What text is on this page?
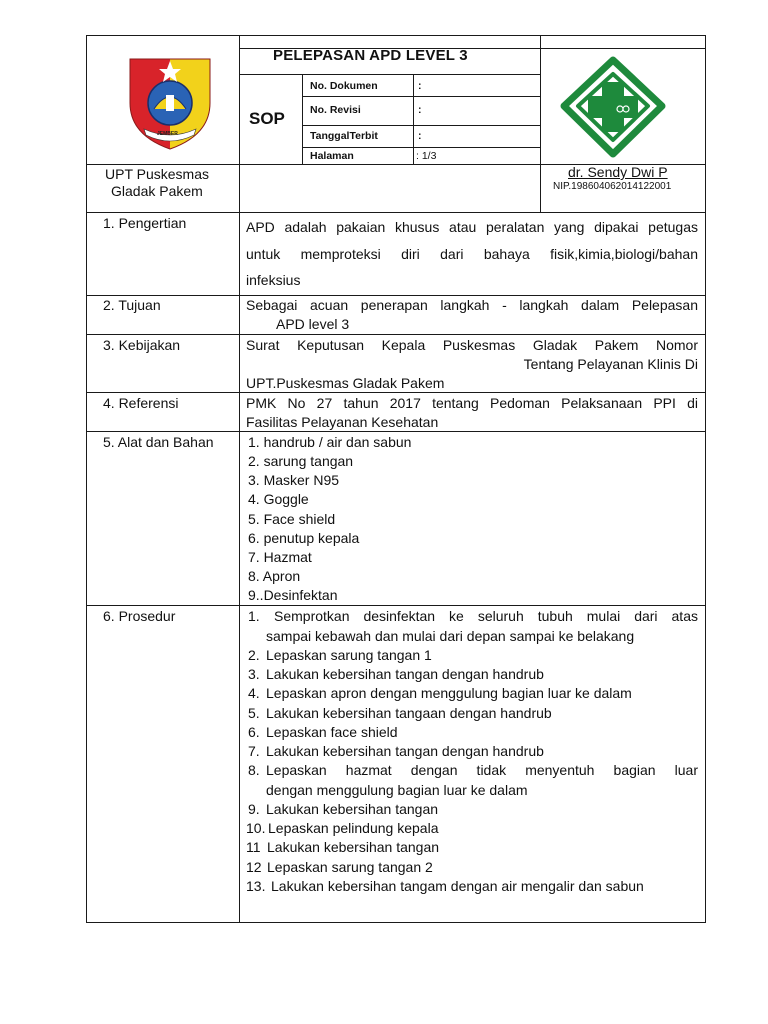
JEMBER
PELEPASAN APD LEVEL 3
SOP
No. Dokumen	:
No. Revisi	:
TanggalTerbit	:
Halaman	: 1/3
UPT Puskesmas
Gladak Pakem
dr. Sendy Dwi P
NIP.198604062014122001
1. Pengertian	APD adalah pakaian khusus atau peralatan yang dipakai petugas
untuk memproteksi diri dari bahaya fisik,kimia,biologi/bahan
infeksius
2. Tujuan	Sebagai acuan penerapan langkah - langkah dalam Pelepasan
APD level 3
3. Kebijakan	Surat Keputusan Kepala Puskesmas Gladak Pakem Nomor
Tentang Pelayanan Klinis Di
UPT.Puskesmas Gladak Pakem
4. Referensi	PMK No 27 tahun 2017 tentang Pedoman Pelaksanaan PPI di
Fasilitas Pelayanan Kesehatan
5. Alat dan Bahan 1. handrub / air dan sabun
2. sarung tangan
3. Masker N95
4. Goggle
5. Face shield
6. penutup kepala
7. Hazmat
8. Apron
9..Desinfektan
6. Prosedur	1. Semprotkan desinfektan ke seluruh tubuh mulai dari atas
sampai kebawah dan mulai dari depan sampai ke belakang
2. Lepaskan sarung tangan 1
3. Lakukan kebersihan tangan dengan handrub
4. Lepaskan apron dengan menggulung bagian luar ke dalam
5. Lakukan kebersihan tangaan dengan handrub
6. Lepaskan face shield
7. Lakukan kebersihan tangan dengan handrub
8. Lepaskan hazmat dengan tidak menyentuh bagian luar
dengan menggulung bagian luar ke dalam
9. Lakukan kebersihan tangan
10. Lepaskan pelindung kepala
11 Lakukan kebersihan tangan
12 Lepaskan sarung tangan 2
13. Lakukan kebersihan tangam dengan air mengalir dan sabun
